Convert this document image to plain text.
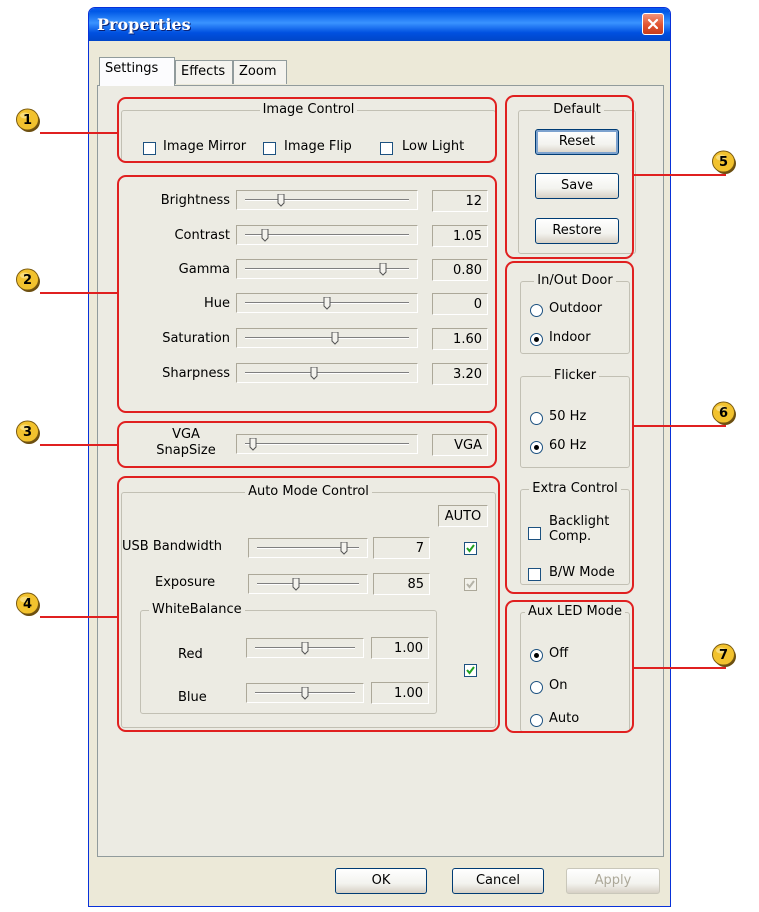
Properties
Settings	Effects	Zoom
Image Control
Image Mirror	Image Flip	Low Light
Brightness	12
Contrast	1.05
Gamma	0.80
Hue	0
Saturation	1.60
Sharpness	3.20
VGA
SnapSize	VGA
Auto Mode Control
AUTO
USB Bandwidth	7
Exposure	85
WhiteBalance
Red	1.00
Blue	1.00
Default
Reset
Save
Restore
In/Out Door
Outdoor
Indoor
Flicker
50 Hz
60 Hz
Extra Control
Backlight
Comp.
B/W Mode
Aux LED Mode
Off
On
Auto
OK	Cancel	Apply
1
2
3
4
5
6
7
